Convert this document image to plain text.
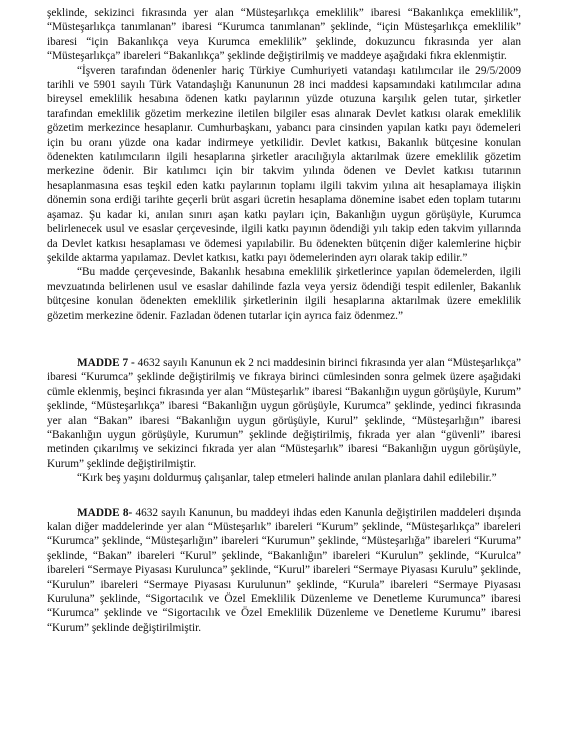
şeklinde, sekizinci fıkrasında yer alan “Müsteşarlıkça emeklilik” ibaresi “Bakanlıkça emeklilik”, “Müsteşarlıkça tanımlanan” ibaresi “Kurumca tanımlanan” şeklinde, “için Müsteşarlıkça emeklilik” ibaresi “için Bakanlıkça veya Kurumca emeklilik” şeklinde, dokuzuncu fıkrasında yer alan “Müsteşarlıkça” ibareleri “Bakanlıkça” şeklinde değiştirilmiş ve maddeye aşağıdaki fıkra eklenmiştir.

“İşveren tarafından ödenenler hariç Türkiye Cumhuriyeti vatandaşı katılımcılar ile 29/5/2009 tarihli ve 5901 sayılı Türk Vatandaşlığı Kanununun 28 inci maddesi kapsamındaki katılımcılar adına bireysel emeklilik hesabına ödenen katkı paylarının yüzde otuzuna karşılık gelen tutar, şirketler tarafından emeklilik gözetim merkezine iletilen bilgiler esas alınarak Devlet katkısı olarak emeklilik gözetim merkezince hesaplanır. Cumhurbaşkanı, yabancı para cinsinden yapılan katkı payı ödemeleri için bu oranı yüzde ona kadar indirmeye yetkilidir. Devlet katkısı, Bakanlık bütçesine konulan ödenekten katılımcıların ilgili hesaplarına şirketler aracılığıyla aktarılmak üzere emeklilik gözetim merkezine ödenir. Bir katılımcı için bir takvim yılında ödenen ve Devlet katkısı tutarının hesaplanmasına esas teşkil eden katkı paylarının toplamı ilgili takvim yılına ait hesaplamaya ilişkin dönemin sona erdiği tarihte geçerli brüt asgari ücretin hesaplama dönemine isabet eden toplam tutarını aşamaz. Şu kadar ki, anılan sınırı aşan katkı payları için, Bakanlığın uygun görüşüyle, Kurumca belirlenecek usul ve esaslar çerçevesinde, ilgili katkı payının ödendiği yılı takip eden takvim yıllarında da Devlet katkısı hesaplaması ve ödemesi yapılabilir. Bu ödenekten bütçenin diğer kalemlerine hiçbir şekilde aktarma yapılamaz. Devlet katkısı, katkı payı ödemelerinden ayrı olarak takip edilir.”

“Bu madde çerçevesinde, Bakanlık hesabına emeklilik şirketlerince yapılan ödemelerden, ilgili mevzuatında belirlenen usul ve esaslar dahilinde fazla veya yersiz ödendiği tespit edilenler, Bakanlık bütçesine konulan ödenekten emeklilik şirketlerinin ilgili hesaplarına aktarılmak üzere emeklilik gözetim merkezine ödenir. Fazladan ödenen tutarlar için ayrıca faiz ödenmez.”

MADDE 7 - 4632 sayılı Kanunun ek 2 nci maddesinin birinci fıkrasında yer alan “Müsteşarlıkça” ibaresi “Kurumca” şeklinde değiştirilmiş ve fıkraya birinci cümlesinden sonra gelmek üzere aşağıdaki cümle eklenmiş, beşinci fıkrasında yer alan “Müsteşarlık” ibaresi “Bakanlığın uygun görüşüyle, Kurum” şeklinde, “Müsteşarlıkça” ibaresi “Bakanlığın uygun görüşüyle, Kurumca” şeklinde, yedinci fıkrasında yer alan “Bakan” ibaresi “Bakanlığın uygun görüşüyle, Kurul” şeklinde, “Müsteşarlığın” ibaresi “Bakanlığın uygun görüşüyle, Kurumun” şeklinde değiştirilmiş, fıkrada yer alan “güvenli” ibaresi metinden çıkarılmış ve sekizinci fıkrada yer alan “Müsteşarlık” ibaresi “Bakanlığın uygun görüşüyle, Kurum” şeklinde değiştirilmiştir.

“Kırk beş yaşını doldurmuş çalışanlar, talep etmeleri halinde anılan planlara dahil edilebilir.”

MADDE 8- 4632 sayılı Kanunun, bu maddeyi ihdas eden Kanunla değiştirilen maddeleri dışında kalan diğer maddelerinde yer alan “Müsteşarlık” ibareleri “Kurum” şeklinde, “Müsteşarlıkça” ibareleri “Kurumca” şeklinde, “Müsteşarlığın” ibareleri “Kurumun” şeklinde, “Müsteşarlığa” ibareleri “Kuruma” şeklinde, “Bakan” ibareleri “Kurul” şeklinde, “Bakanlığın” ibareleri “Kurulun” şeklinde, “Kurulca” ibareleri “Sermaye Piyasası Kurulunca” şeklinde, “Kurul” ibareleri “Sermaye Piyasası Kurulu” şeklinde, “Kurulun” ibareleri “Sermaye Piyasası Kurulunun” şeklinde, “Kurula” ibareleri “Sermaye Piyasası Kuruluna” şeklinde, “Sigortacılık ve Özel Emeklilik Düzenleme ve Denetleme Kurumunca” ibaresi “Kurumca” şeklinde ve “Sigortacılık ve Özel Emeklilik Düzenleme ve Denetleme Kurumu” ibaresi “Kurum” şeklinde değiştirilmiştir.
